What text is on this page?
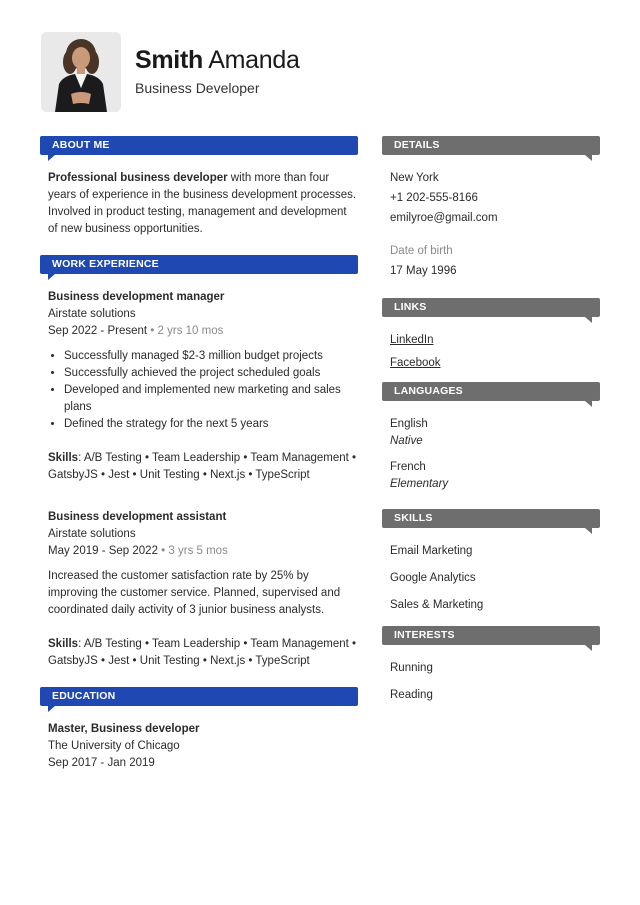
Smith Amanda
Business Developer
ABOUT ME
Professional business developer with more than four years of experience in the business development processes. Involved in product testing, management and development of new business opportunities.
WORK EXPERIENCE
Business development manager
Airstate solutions
Sep 2022 - Present • 2 yrs 10 mos
• Successfully managed $2-3 million budget projects
• Successfully achieved the project scheduled goals
• Developed and implemented new marketing and sales plans
• Defined the strategy for the next 5 years
Skills: A/B Testing • Team Leadership • Team Management • GatsbyJS • Jest • Unit Testing • Next.js • TypeScript
Business development assistant
Airstate solutions
May 2019 - Sep 2022 • 3 yrs 5 mos
Increased the customer satisfaction rate by 25% by improving the customer service. Planned, supervised and coordinated daily activity of 3 junior business analysts.
Skills: A/B Testing • Team Leadership • Team Management • GatsbyJS • Jest • Unit Testing • Next.js • TypeScript
EDUCATION
Master, Business developer
The University of Chicago
Sep 2017 - Jan 2019
DETAILS
New York
+1 202-555-8166
emilyroe@gmail.com
Date of birth
17 May 1996
LINKS
LinkedIn
Facebook
LANGUAGES
English
Native
French
Elementary
SKILLS
Email Marketing
Google Analytics
Sales & Marketing
INTERESTS
Running
Reading
